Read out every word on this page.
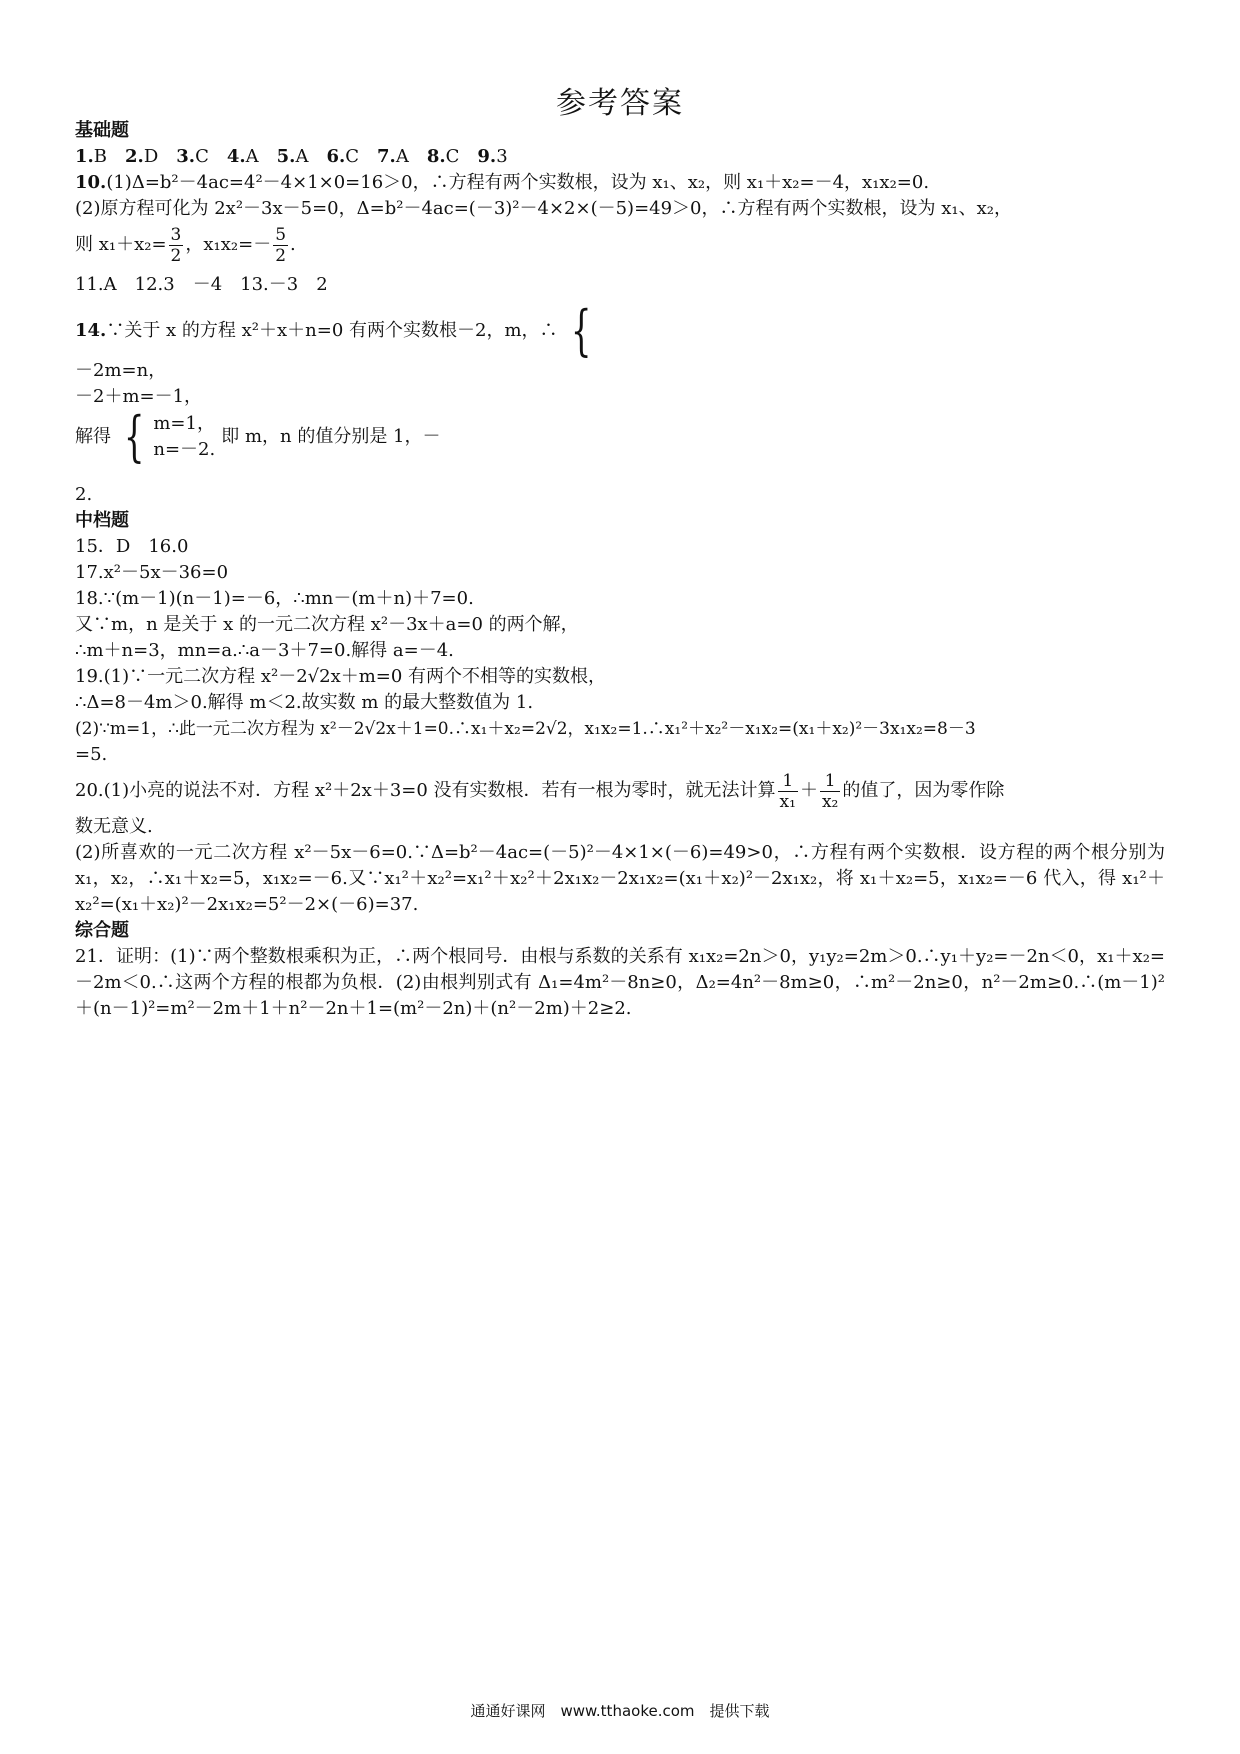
参考答案

基础题

1.B 2.D 3.C 4.A 5.A 6.C 7.A 8.C 9.3

10.(1)Δ=b²－4ac=4²－4×1×0=16＞0，∴方程有两个实数根，设为 x₁、x₂，则 x₁＋x₂=－4，x₁x₂=0.

(2)原方程可化为 2x²－3x－5=0，Δ=b²－4ac=(－3)²－4×2×(－5)=49＞0，∴方程有两个实数根，设为 x₁、x₂，

则 $x_1+x_2= \frac{3}{2}$ ，$x_1x_2=- \frac{5}{2}$ .

11.A　12.3　－4　13.－3　2

14.∵关于 x 的方程 x²＋x＋n=0 有两个实数根－2，m，∴ {

－2m=n，
－2＋m=－1，
解得 { m=1，
n=－2.
即 m，n 的值分别是 1，－

2.

中档题

15．D　16.0

17.x²－5x－36=0

18.∵(m－1)(n－1)=－6，∴mn－(m＋n)＋7=0.

又∵m，n 是关于 x 的一元二次方程 x²－3x＋a=0 的两个解，

∴m＋n=3，mn=a.∴a－3＋7=0.解得 a=－4.

19.(1)∵一元二次方程 x²－2√2x＋m=0 有两个不相等的实数根，

∴Δ=8－4m＞0.解得 m＜2.故实数 m 的最大整数值为 1.

(2)∵m=1，∴此一元二次方程为 x²－2√2x＋1=0.∴x₁＋x₂=2√2，x₁x₂=1.∴x₁²＋x₂²－x₁x₂=(x₁＋x₂)²－3x₁x₂=8－3

=5.

20.(1)小亮的说法不对．方程 x²＋2x＋3=0 没有实数根．若有一根为零时，就无法计算 $\frac{1}{\text{x₁}} + \frac{1}{\text{x₂}}$ 的值了，因为零作除

数无意义.

(2)所喜欢的一元二次方程 x²－5x－6=0.∵Δ=b²－4ac=(－5)²－4×1×(－6)=49>0，∴方程有两个实数根．设方程的两个根分别为 x₁，x₂，∴x₁＋x₂=5，x₁x₂=－6.又∵x₁²＋x₂²=x₁²＋x₂²＋2x₁x₂－2x₁x₂=(x₁＋x₂)²－2x₁x₂，将 x₁＋x₂=5，x₁x₂=－6 代入，得 x₁²＋x₂²=(x₁＋x₂)²－2x₁x₂=5²－2×(－6)=37.

综合题

21．证明：(1)∵两个整数根乘积为正，∴两个根同号．由根与系数的关系有 x₁x₂=2n＞0，y₁y₂=2m＞0.∴y₁＋y₂=－2n＜0，x₁＋x₂=－2m＜0.∴这两个方程的根都为负根．(2)由根判别式有 Δ₁=4m²－8n≥0，Δ₂=4n²－8m≥0，∴m²－2n≥0，n²－2m≥0.∴(m－1)²＋(n－1)²=m²－2m＋1＋n²－2n＋1=(m²－2n)＋(n²－2m)＋2≥2.

通通好课网　www.tthaoke.com　提供下载
